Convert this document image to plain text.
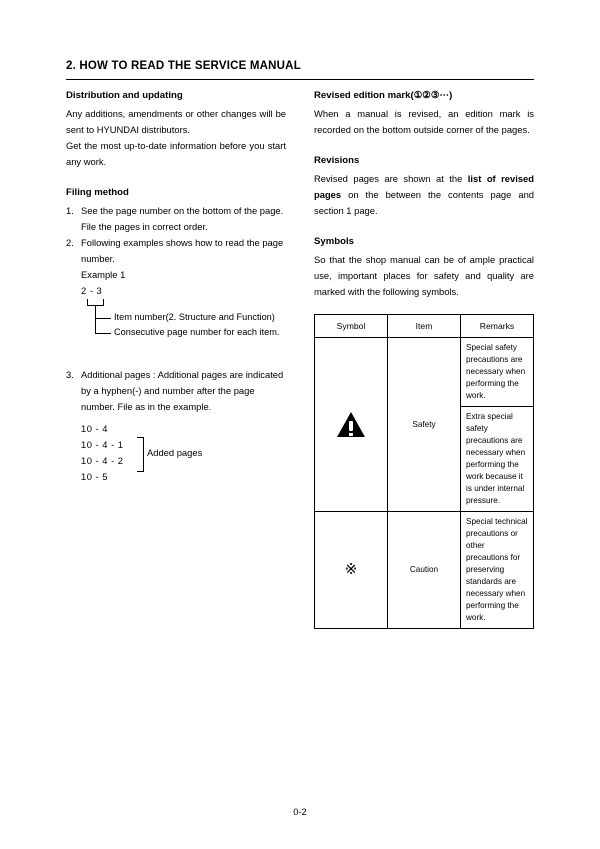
2. HOW TO READ THE SERVICE MANUAL
Distribution and updating

Any additions, amendments or other changes will be sent to HYUNDAI distributors.

Get the most up-to-date information before you start any work.

Filing method
1. See the page number on the bottom of the page.
File the pages in correct order.
2. Following examples shows how to read the page number.
Example 1
2 - 3
Item number(2. Structure and Function)
Consecutive page number for each item.
3. Additional pages : Additional pages are indicated by a hyphen(-) and number after the page number. File as in the example.
10 - 4
10 - 4 - 1
10 - 4 - 2
10 - 5
Added pages
Revised edition mark(①②③⋯)

When a manual is revised, an edition mark is recorded on the bottom outside corner of the pages.

Revisions

Revised pages are shown at the list of revised pages on the between the contents page and section 1 page.

Symbols

So that the shop manual can be of ample practical use, important places for safety and quality are marked with the following symbols.

Symbol	Item	Remarks

	Safety	Special safety precautions are necessary when performing the work.
		Extra special safety precautions are necessary when performing the work because it is under internal pressure.
※	Caution	Special technical precautions or other precautions for preserving standards are necessary when performing the work.
0-2
